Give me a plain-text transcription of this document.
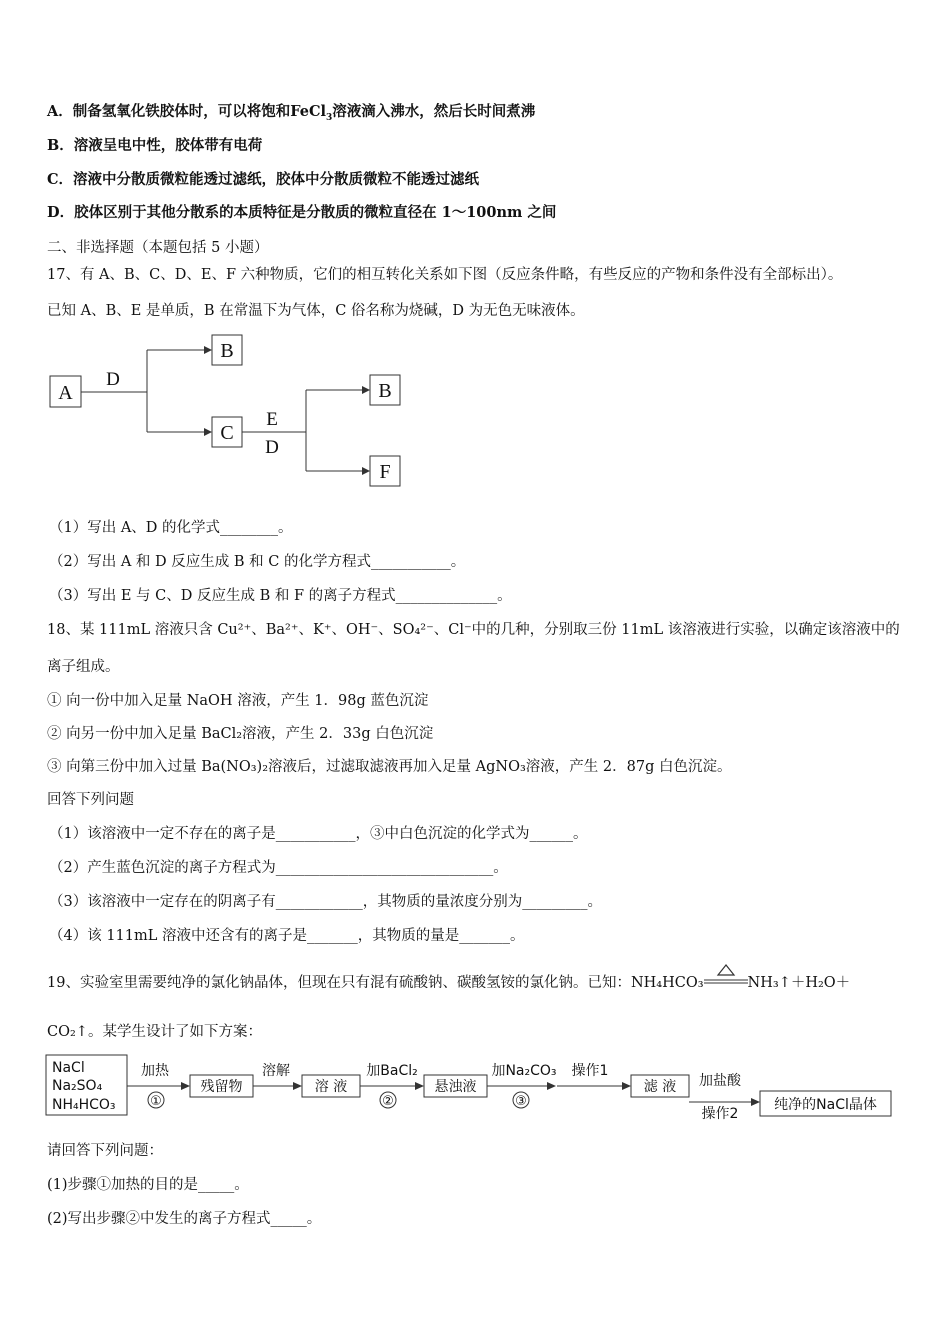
A．制备氢氧化铁胶体时，可以将饱和FeCl$_3$溶液滴入沸水，然后长时间煮沸
B．溶液呈电中性，胶体带有电荷
C．溶液中分散质微粒能透过滤纸，胶体中分散质微粒不能透过滤纸
D．胶体区别于其他分散系的本质特征是分散质的微粒直径在 1～100nm 之间
二、非选择题（本题包括 5 小题）
17、有 A、B、C、D、E、F 六种物质，它们的相互转化关系如下图（反应条件略，有些反应的产物和条件没有全部标出）。
已知 A、B、E 是单质，B 在常温下为气体，C 俗名称为烧碱，D 为无色无味液体。
A
B
C
B
F
D
E
D
（1）写出 A、D 的化学式________。
（2）写出 A 和 D 反应生成 B 和 C 的化学方程式___________。
（3）写出 E 与 C、D 反应生成 B 和 F 的离子方程式______________。
18、某 111mL 溶液只含 Cu²⁺、Ba²⁺、K⁺、OH⁻、SO₄²⁻、Cl⁻中的几种，分别取三份 11mL 该溶液进行实验，以确定该溶液中的
离子组成。
① 向一份中加入足量 NaOH 溶液，产生 1．98g 蓝色沉淀
② 向另一份中加入足量 BaCl₂溶液，产生 2．33g 白色沉淀
③ 向第三份中加入过量 Ba(NO₃)₂溶液后，过滤取滤液再加入足量 AgNO₃溶液，产生 2．87g 白色沉淀。
回答下列问题
（1）该溶液中一定不存在的离子是___________，③中白色沉淀的化学式为______。
（2）产生蓝色沉淀的离子方程式为______________________________。
（3）该溶液中一定存在的阴离子有____________，其物质的量浓度分别为_________。
（4）该 111mL 溶液中还含有的离子是_______，其物质的量是_______。
19、实验室里需要纯净的氯化钠晶体，但现在只有混有硫酸钠、碳酸氢铵的氯化钠。已知：NH₄HCO₃	NH₃↑＋H₂O＋
CO₂↑。某学生设计了如下方案：
NaCl
Na₂SO₄
NH₄HCO₃
加热
①
残留物
溶解
溶 液
加BaCl₂
②
悬浊液
加Na₂CO₃
③
操作1
滤 液 加盐酸
操作2
纯净的NaCl晶体
请回答下列问题：
(1)步骤①加热的目的是_____。
(2)写出步骤②中发生的离子方程式_____。
